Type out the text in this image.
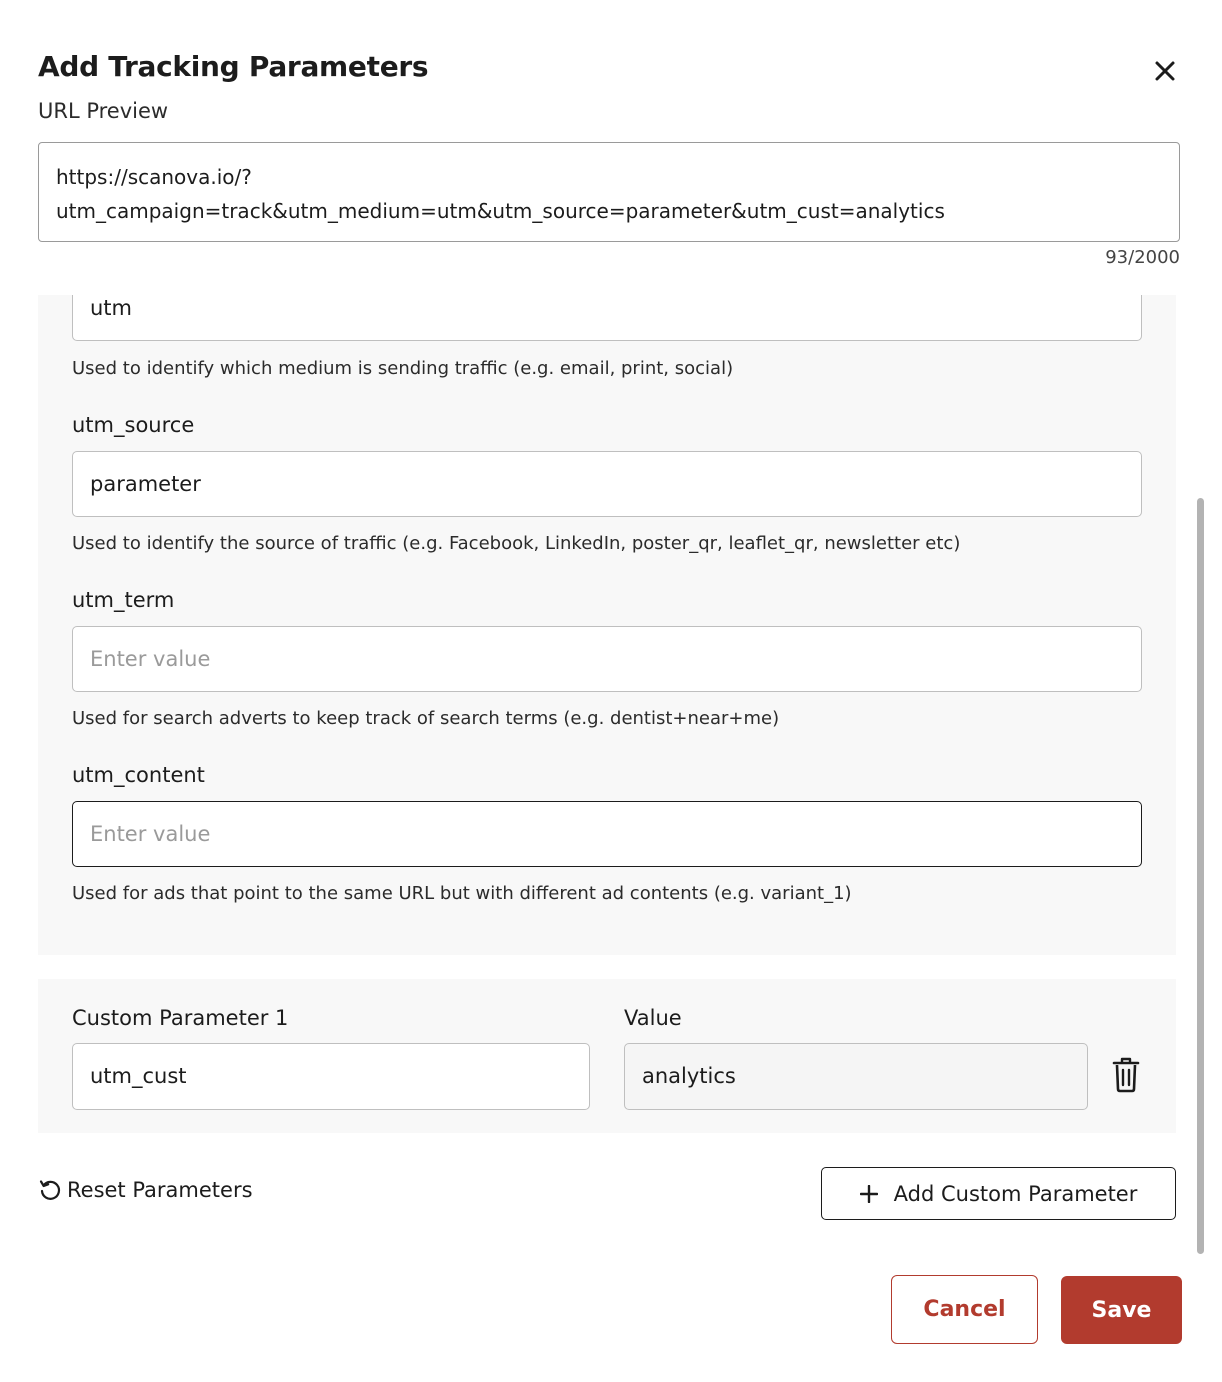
Add Tracking Parameters
URL Preview
https://scanova.io/?
utm_campaign=track&utm_medium=utm&utm_source=parameter&utm_cust=analytics
93/2000
utm
Used to identify which medium is sending traffic (e.g. email, print, social)
utm_source
parameter
Used to identify the source of traffic (e.g. Facebook, LinkedIn, poster_qr, leaflet_qr, newsletter etc)
utm_term
Enter value
Used for search adverts to keep track of search terms (e.g. dentist+near+me)
utm_content
Enter value
Used for ads that point to the same URL but with different ad contents (e.g. variant_1)
Custom Parameter 1	Value
utm_cust	analytics
Reset Parameters	Add Custom Parameter
Cancel	Save
